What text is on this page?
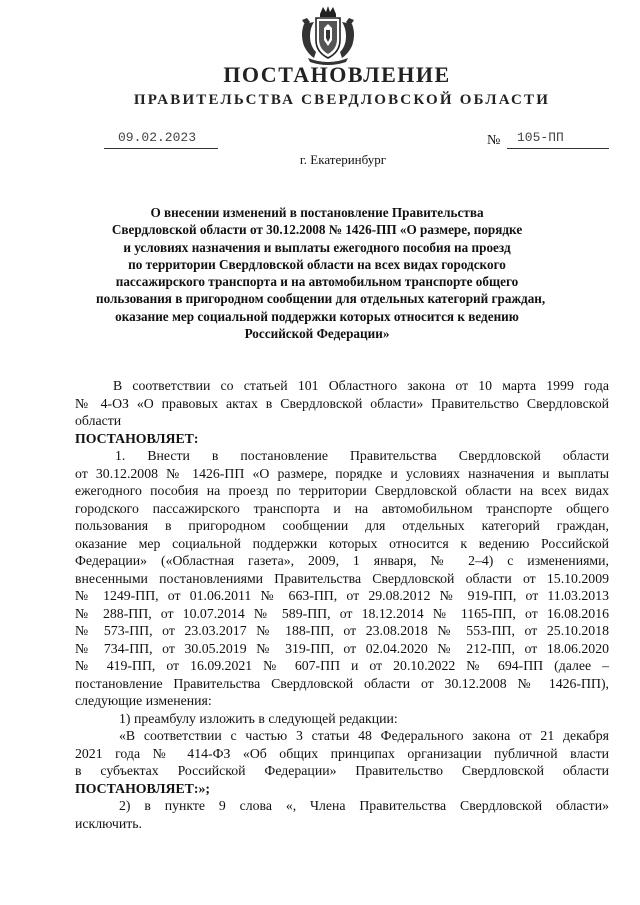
ПОСТАНОВЛЕНИЕ
ПРАВИТЕЛЬСТВА СВЕРДЛОВСКОЙ ОБЛАСТИ
09.02.2023	№ 105-ПП
г. Екатеринбург
О внесении изменений в постановление Правительства
Свердловской области от 30.12.2008 № 1426-ПП «О размере, порядке
и условиях назначения и выплаты ежегодного пособия на проезд
по территории Свердловской области на всех видах городского
пассажирского транспорта и на автомобильном транспорте общего
пользования в пригородном сообщении для отдельных категорий граждан,
оказание мер социальной поддержки которых относится к ведению
Российской Федерации»
В соответствии со статьей 101 Областного закона от 10 марта 1999 года
№ 4-ОЗ «О правовых актах в Свердловской области» Правительство Свердловской
области
ПОСТАНОВЛЯЕТ:
1. Внести в постановление Правительства Свердловской области
от 30.12.2008 № 1426-ПП «О размере, порядке и условиях назначения и выплаты
ежегодного пособия на проезд по территории Свердловской области на всех видах
городского пассажирского транспорта и на автомобильном транспорте общего
пользования в пригородном сообщении для отдельных категорий граждан,
оказание мер социальной поддержки которых относится к ведению Российской
Федерации» («Областная газета», 2009, 1 января, № 2–4) с изменениями,
внесенными постановлениями Правительства Свердловской области от 15.10.2009
№ 1249-ПП, от 01.06.2011 № 663-ПП, от 29.08.2012 № 919-ПП, от 11.03.2013
№ 288-ПП, от 10.07.2014 № 589-ПП, от 18.12.2014 № 1165-ПП, от 16.08.2016
№ 573-ПП, от 23.03.2017 № 188-ПП, от 23.08.2018 № 553-ПП, от 25.10.2018
№ 734-ПП, от 30.05.2019 № 319-ПП, от 02.04.2020 № 212-ПП, от 18.06.2020
№ 419-ПП, от 16.09.2021 № 607-ПП и от 20.10.2022 № 694-ПП (далее –
постановление Правительства Свердловской области от 30.12.2008 № 1426-ПП),
следующие изменения:
1) преамбулу изложить в следующей редакции:
«В соответствии с частью 3 статьи 48 Федерального закона от 21 декабря
2021 года № 414-ФЗ «Об общих принципах организации публичной власти
в субъектах Российской Федерации» Правительство Свердловской области
ПОСТАНОВЛЯЕТ:»;
2) в пункте 9 слова «, Члена Правительства Свердловской области»
исключить.
